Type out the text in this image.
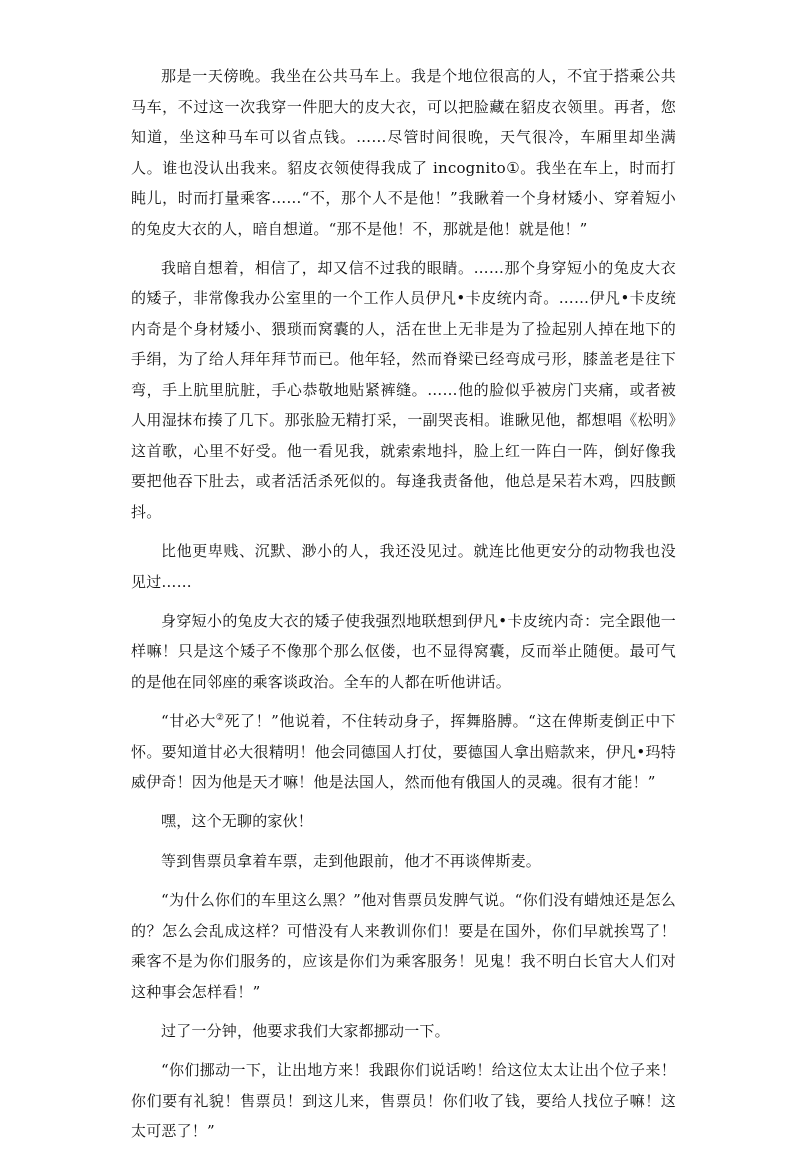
那是一天傍晚。我坐在公共马车上。我是个地位很高的人，不宜于搭乘公共马车，不过这一次我穿一件肥大的皮大衣，可以把脸藏在貂皮衣领里。再者，您知道，坐这种马车可以省点钱。……尽管时间很晚，天气很冷，车厢里却坐满人。谁也没认出我来。貂皮衣领使得我成了 incognito①。我坐在车上，时而打盹儿，时而打量乘客……“不，那个人不是他！”我瞅着一个身材矮小、穿着短小的兔皮大衣的人，暗自想道。“那不是他！不，那就是他！就是他！”

我暗自想着，相信了，却又信不过我的眼睛。……那个身穿短小的兔皮大衣的矮子，非常像我办公室里的一个工作人员伊凡•卡皮统内奇。……伊凡•卡皮统内奇是个身材矮小、猥琐而窝囊的人，活在世上无非是为了捡起别人掉在地下的手绢，为了给人拜年拜节而已。他年轻，然而脊梁已经弯成弓形，膝盖老是往下弯，手上肮里肮脏，手心恭敬地贴紧裤缝。……他的脸似乎被房门夹痛，或者被人用湿抹布揍了几下。那张脸无精打采，一副哭丧相。谁瞅见他，都想唱《松明》这首歌，心里不好受。他一看见我，就索索地抖，脸上红一阵白一阵，倒好像我要把他吞下肚去，或者活活杀死似的。每逢我责备他，他总是呆若木鸡，四肢颤抖。

比他更卑贱、沉默、渺小的人，我还没见过。就连比他更安分的动物我也没见过……

身穿短小的兔皮大衣的矮子使我强烈地联想到伊凡•卡皮统内奇：完全跟他一样嘛！只是这个矮子不像那个那么伛偻，也不显得窝囊，反而举止随便。最可气的是他在同邻座的乘客谈政治。全车的人都在听他讲话。

“甘必大②死了！”他说着，不住转动身子，挥舞胳膊。“这在俾斯麦倒正中下怀。要知道甘必大很精明！他会同德国人打仗，要德国人拿出赔款来，伊凡•玛特威伊奇！因为他是天才嘛！他是法国人，然而他有俄国人的灵魂。很有才能！”

嘿，这个无聊的家伙！

等到售票员拿着车票，走到他跟前，他才不再谈俾斯麦。

“为什么你们的车里这么黑？”他对售票员发脾气说。“你们没有蜡烛还是怎么的？怎么会乱成这样？可惜没有人来教训你们！要是在国外，你们早就挨骂了！乘客不是为你们服务的，应该是你们为乘客服务！见鬼！我不明白长官大人们对这种事会怎样看！”

过了一分钟，他要求我们大家都挪动一下。

“你们挪动一下，让出地方来！我跟你们说话哟！给这位太太让出个位子来！你们要有礼貌！售票员！到这儿来，售票员！你们收了钱，要给人找位子嘛！这太可恶了！”
